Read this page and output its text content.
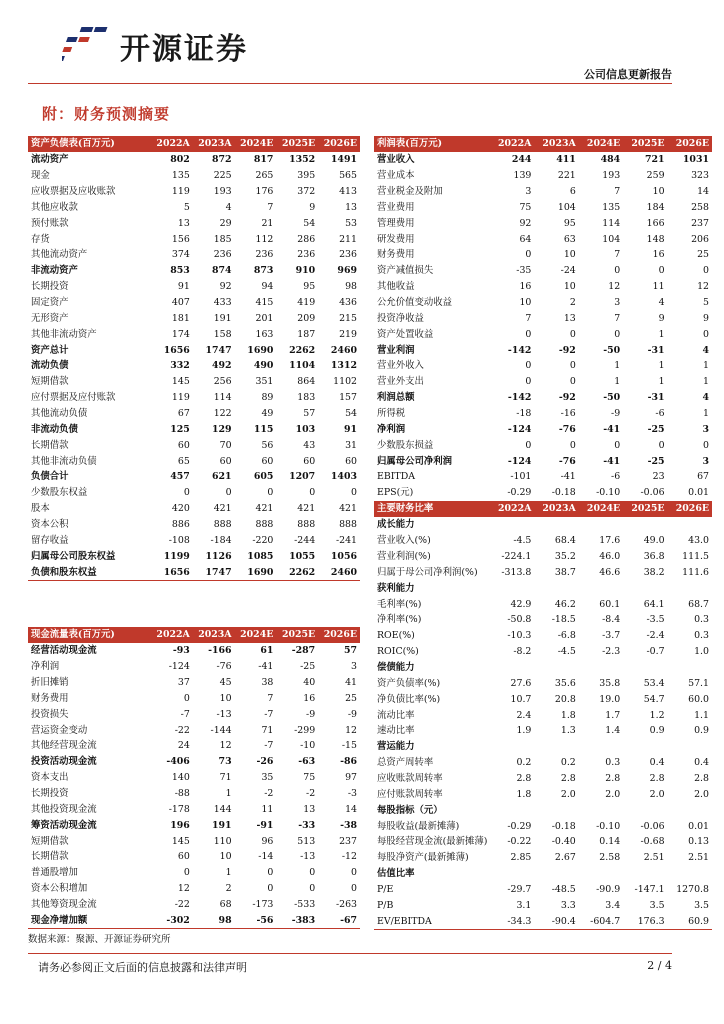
开源证券
公司信息更新报告
附：财务预测摘要
资产负债表(百万元)	2022A	2023A	2024E	2025E	2026E
流动资产	802	872	817	1352	1491
现金	135	225	265	395	565
应收票据及应收账款	119	193	176	372	413
其他应收款	5	4	7	9	13
预付账款	13	29	21	54	53
存货	156	185	112	286	211
其他流动资产	374	236	236	236	236
非流动资产	853	874	873	910	969
长期投资	91	92	94	95	98
固定资产	407	433	415	419	436
无形资产	181	191	201	209	215
其他非流动资产	174	158	163	187	219
资产总计	1656	1747	1690	2262	2460
流动负债	332	492	490	1104	1312
短期借款	145	256	351	864	1102
应付票据及应付账款	119	114	89	183	157
其他流动负债	67	122	49	57	54
非流动负债	125	129	115	103	91
长期借款	60	70	56	43	31
其他非流动负债	65	60	60	60	60
负债合计	457	621	605	1207	1403
少数股东权益	0	0	0	0	0
股本	420	421	421	421	421
资本公积	886	888	888	888	888
留存收益	-108	-184	-220	-244	-241
归属母公司股东权益	1199	1126	1085	1055	1056
负债和股东权益	1656	1747	1690	2262	2460
现金流量表(百万元)	2022A	2023A	2024E	2025E	2026E
经营活动现金流	-93	-166	61	-287	57
净利润	-124	-76	-41	-25	3
折旧摊销	37	45	38	40	41
财务费用	0	10	7	16	25
投资损失	-7	-13	-7	-9	-9
营运资金变动	-22	-144	71	-299	12
其他经营现金流	24	12	-7	-10	-15
投资活动现金流	-406	73	-26	-63	-86
资本支出	140	71	35	75	97
长期投资	-88	1	-2	-2	-3
其他投资现金流	-178	144	11	13	14
筹资活动现金流	196	191	-91	-33	-38
短期借款	145	110	96	513	237
长期借款	60	10	-14	-13	-12
普通股增加	0	1	0	0	0
资本公积增加	12	2	0	0	0
其他筹资现金流	-22	68	-173	-533	-263
现金净增加额	-302	98	-56	-383	-67
利润表(百万元)	2022A	2023A	2024E	2025E	2026E
营业收入	244	411	484	721	1031
营业成本	139	221	193	259	323
营业税金及附加	3	6	7	10	14
营业费用	75	104	135	184	258
管理费用	92	95	114	166	237
研发费用	64	63	104	148	206
财务费用	0	10	7	16	25
资产减值损失	-35	-24	0	0	0
其他收益	16	10	12	11	12
公允价值变动收益	10	2	3	4	5
投资净收益	7	13	7	9	9
资产处置收益	0	0	0	1	0
营业利润	-142	-92	-50	-31	4
营业外收入	0	0	1	1	1
营业外支出	0	0	1	1	1
利润总额	-142	-92	-50	-31	4
所得税	-18	-16	-9	-6	1
净利润	-124	-76	-41	-25	3
少数股东损益	0	0	0	0	0
归属母公司净利润	-124	-76	-41	-25	3
EBITDA	-101	-41	-6	23	67
EPS(元)	-0.29	-0.18	-0.10	-0.06	0.01
主要财务比率	2022A	2023A	2024E	2025E	2026E
成长能力					
营业收入(%)	-4.5	68.4	17.6	49.0	43.0
营业利润(%)	-224.1	35.2	46.0	36.8	111.5
归属于母公司净利润(%)	-313.8	38.7	46.6	38.2	111.6
获利能力					
毛利率(%)	42.9	46.2	60.1	64.1	68.7
净利率(%)	-50.8	-18.5	-8.4	-3.5	0.3
ROE(%)	-10.3	-6.8	-3.7	-2.4	0.3
ROIC(%)	-8.2	-4.5	-2.3	-0.7	1.0
偿债能力					
资产负债率(%)	27.6	35.6	35.8	53.4	57.1
净负债比率(%)	10.7	20.8	19.0	54.7	60.0
流动比率	2.4	1.8	1.7	1.2	1.1
速动比率	1.9	1.3	1.4	0.9	0.9
营运能力					
总资产周转率	0.2	0.2	0.3	0.4	0.4
应收账款周转率	2.8	2.8	2.8	2.8	2.8
应付账款周转率	1.8	2.0	2.0	2.0	2.0
每股指标（元）					
每股收益(最新摊薄)	-0.29	-0.18	-0.10	-0.06	0.01
每股经营现金流(最新摊薄)	-0.22	-0.40	0.14	-0.68	0.13
每股净资产(最新摊薄)	2.85	2.67	2.58	2.51	2.51
估值比率					
P/E	-29.7	-48.5	-90.9	-147.1	1270.8
P/B	3.1	3.3	3.4	3.5	3.5
EV/EBITDA	-34.3	-90.4	-604.7	176.3	60.9
数据来源：聚源、开源证券研究所
请务必参阅正文后面的信息披露和法律声明	2 / 4
